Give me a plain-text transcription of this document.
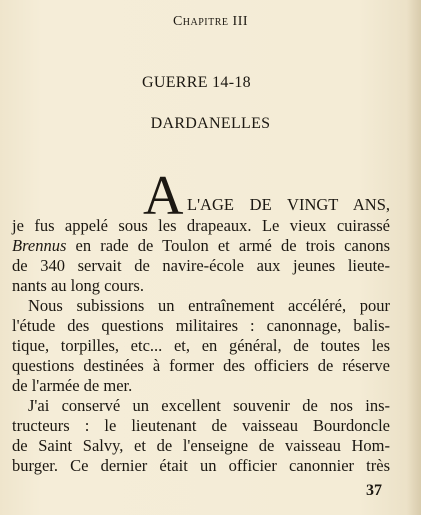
Chapitre III
GUERRE 14-18
DARDANELLES
A L'AGE DE VINGT ANS,
je fus appelé sous les drapeaux. Le vieux cuirassé
Brennus en rade de Toulon et armé de trois canons
de 340 servait de navire-école aux jeunes lieute-
nants au long cours.
Nous subissions un entraînement accéléré, pour
l'étude des questions militaires : canonnage, balis-
tique, torpilles, etc... et, en général, de toutes les
questions destinées à former des officiers de réserve
de l'armée de mer.
J'ai conservé un excellent souvenir de nos ins-
tructeurs : le lieutenant de vaisseau Bourdoncle
de Saint Salvy, et de l'enseigne de vaisseau Hom-
burger. Ce dernier était un officier canonnier très
37
